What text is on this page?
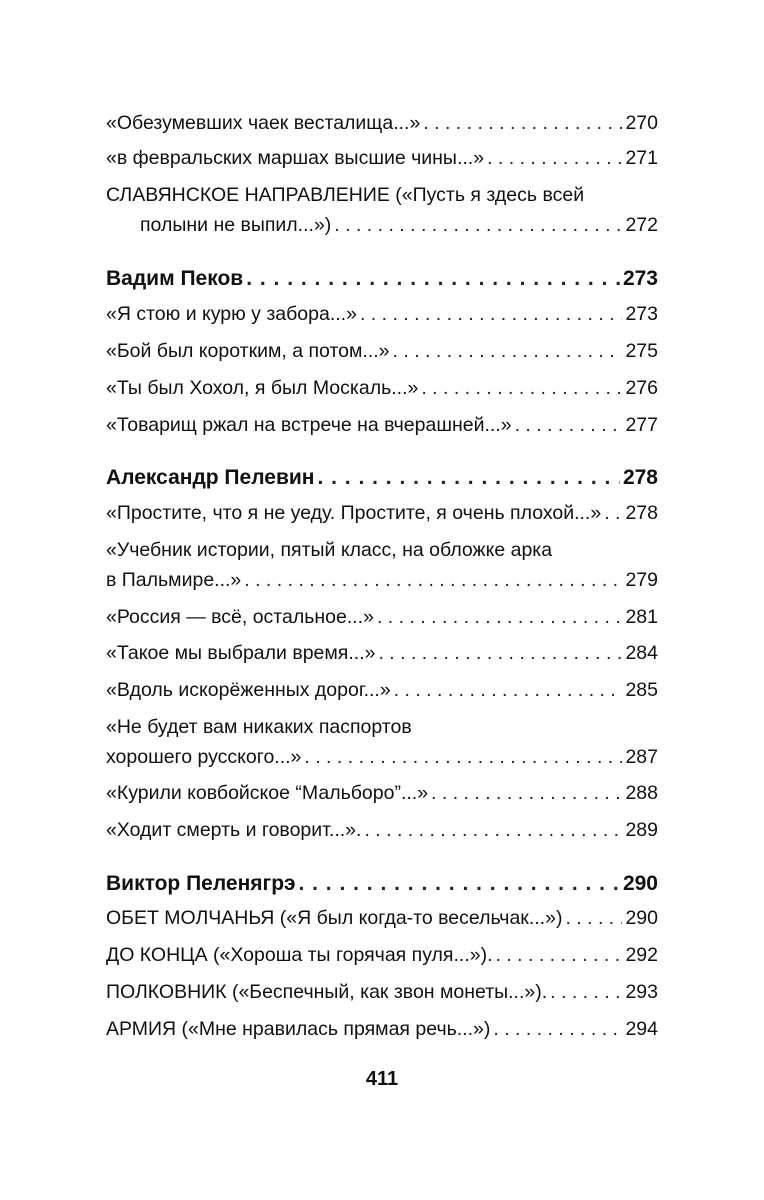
«Обезумевших чаек весталища...» . . .	270
«в февральских маршах высшие чины...» . . .	271
СЛАВЯНСКОЕ НАПРАВЛЕНИЕ («Пусть я здесь всей
полыни не выпил...») . . .	272
Вадим Пеков . . .	273
«Я стою и курю у забора...» . . .	273
«Бой был коротким, а потом...» . . .	275
«Ты был Хохол, я был Москаль...» . . .	276
«Товарищ ржал на встрече на вчерашней...» . . .	277
Александр Пелевин . . .	278
«Простите, что я не уеду. Простите, я очень плохой...» . . . 278
«Учебник истории, пятый класс, на обложке арка
в Пальмире...» . . .	279
«Россия — всё, остальное...» . . .	281
«Такое мы выбрали время...» . . .	284
«Вдоль искорёженных дорог...» . . .	285
«Не будет вам никаких паспортов
хорошего русского...» . . .	287
«Курили ковбойское “Мальборо”...» . . .	288
«Ходит смерть и говорит...». . . .	289
Виктор Пеленягрэ . . .	290
ОБЕТ МОЛЧАНЬЯ («Я был когда-то весельчак...») . . .	290
ДО КОНЦА («Хороша ты горячая пуля...»). . . .	292
ПОЛКОВНИК («Беспечный, как звон монеты...»). . . .	293
АРМИЯ («Мне нравилась прямая речь...») . . .	294
411
